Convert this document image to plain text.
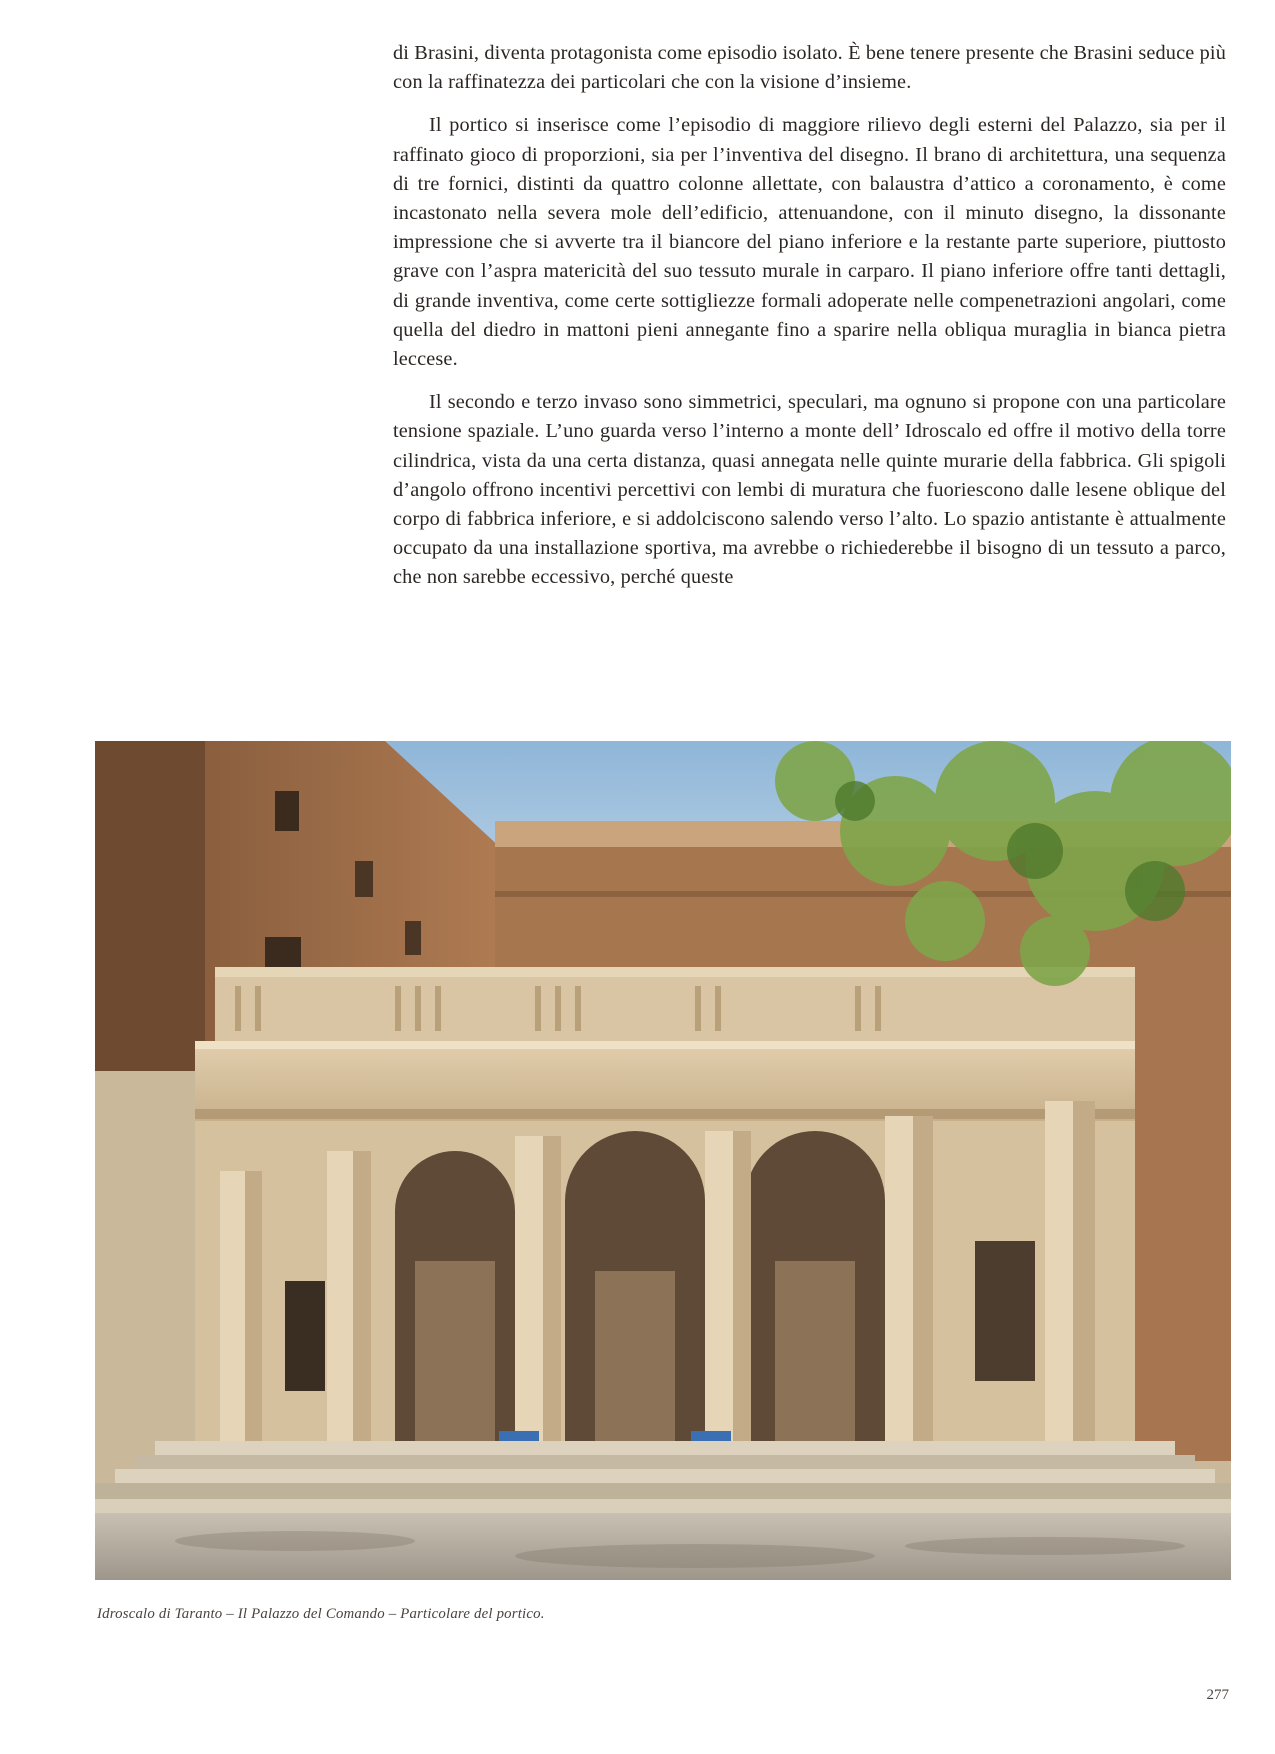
di Brasini, diventa protagonista come episodio isolato. È bene tenere presente che Brasini seduce più con la raffinatezza dei particolari che con la visione d’insieme.

Il portico si inserisce come l’episodio di maggiore rilievo degli esterni del Palazzo, sia per il raffinato gioco di proporzioni, sia per l’inventiva del disegno. Il brano di architettura, una sequenza di tre fornici, distinti da quattro colonne allettate, con balaustra d’attico a coronamento, è come incastonato nella severa mole dell’edificio, attenuandone, con il minuto disegno, la dissonante impressione che si avverte tra il biancore del piano inferiore e la restante parte superiore, piuttosto grave con l’aspra matericità del suo tessuto murale in carparo. Il piano inferiore offre tanti dettagli, di grande inventiva, come certe sottigliezze formali adoperate nelle compenetrazioni angolari, come quella del diedro in mattoni pieni annegante fino a sparire nella obliqua muraglia in bianca pietra leccese.

Il secondo e terzo invaso sono simmetrici, speculari, ma ognuno si propone con una particolare tensione spaziale. L’uno guarda verso l’interno a monte dell’ Idroscalo ed offre il motivo della torre cilindrica, vista da una certa distanza, quasi annegata nelle quinte murarie della fabbrica. Gli spigoli d’angolo offrono incentivi percettivi con lembi di muratura che fuoriescono dalle lesene oblique del corpo di fabbrica inferiore, e si addolciscono salendo verso l’alto. Lo spazio antistante è attualmente occupato da una installazione sportiva, ma avrebbe o richiederebbe il bisogno di un tessuto a parco, che non sarebbe eccessivo, perché queste

Idroscalo di Taranto – Il Palazzo del Comando – Particolare del portico.
277
